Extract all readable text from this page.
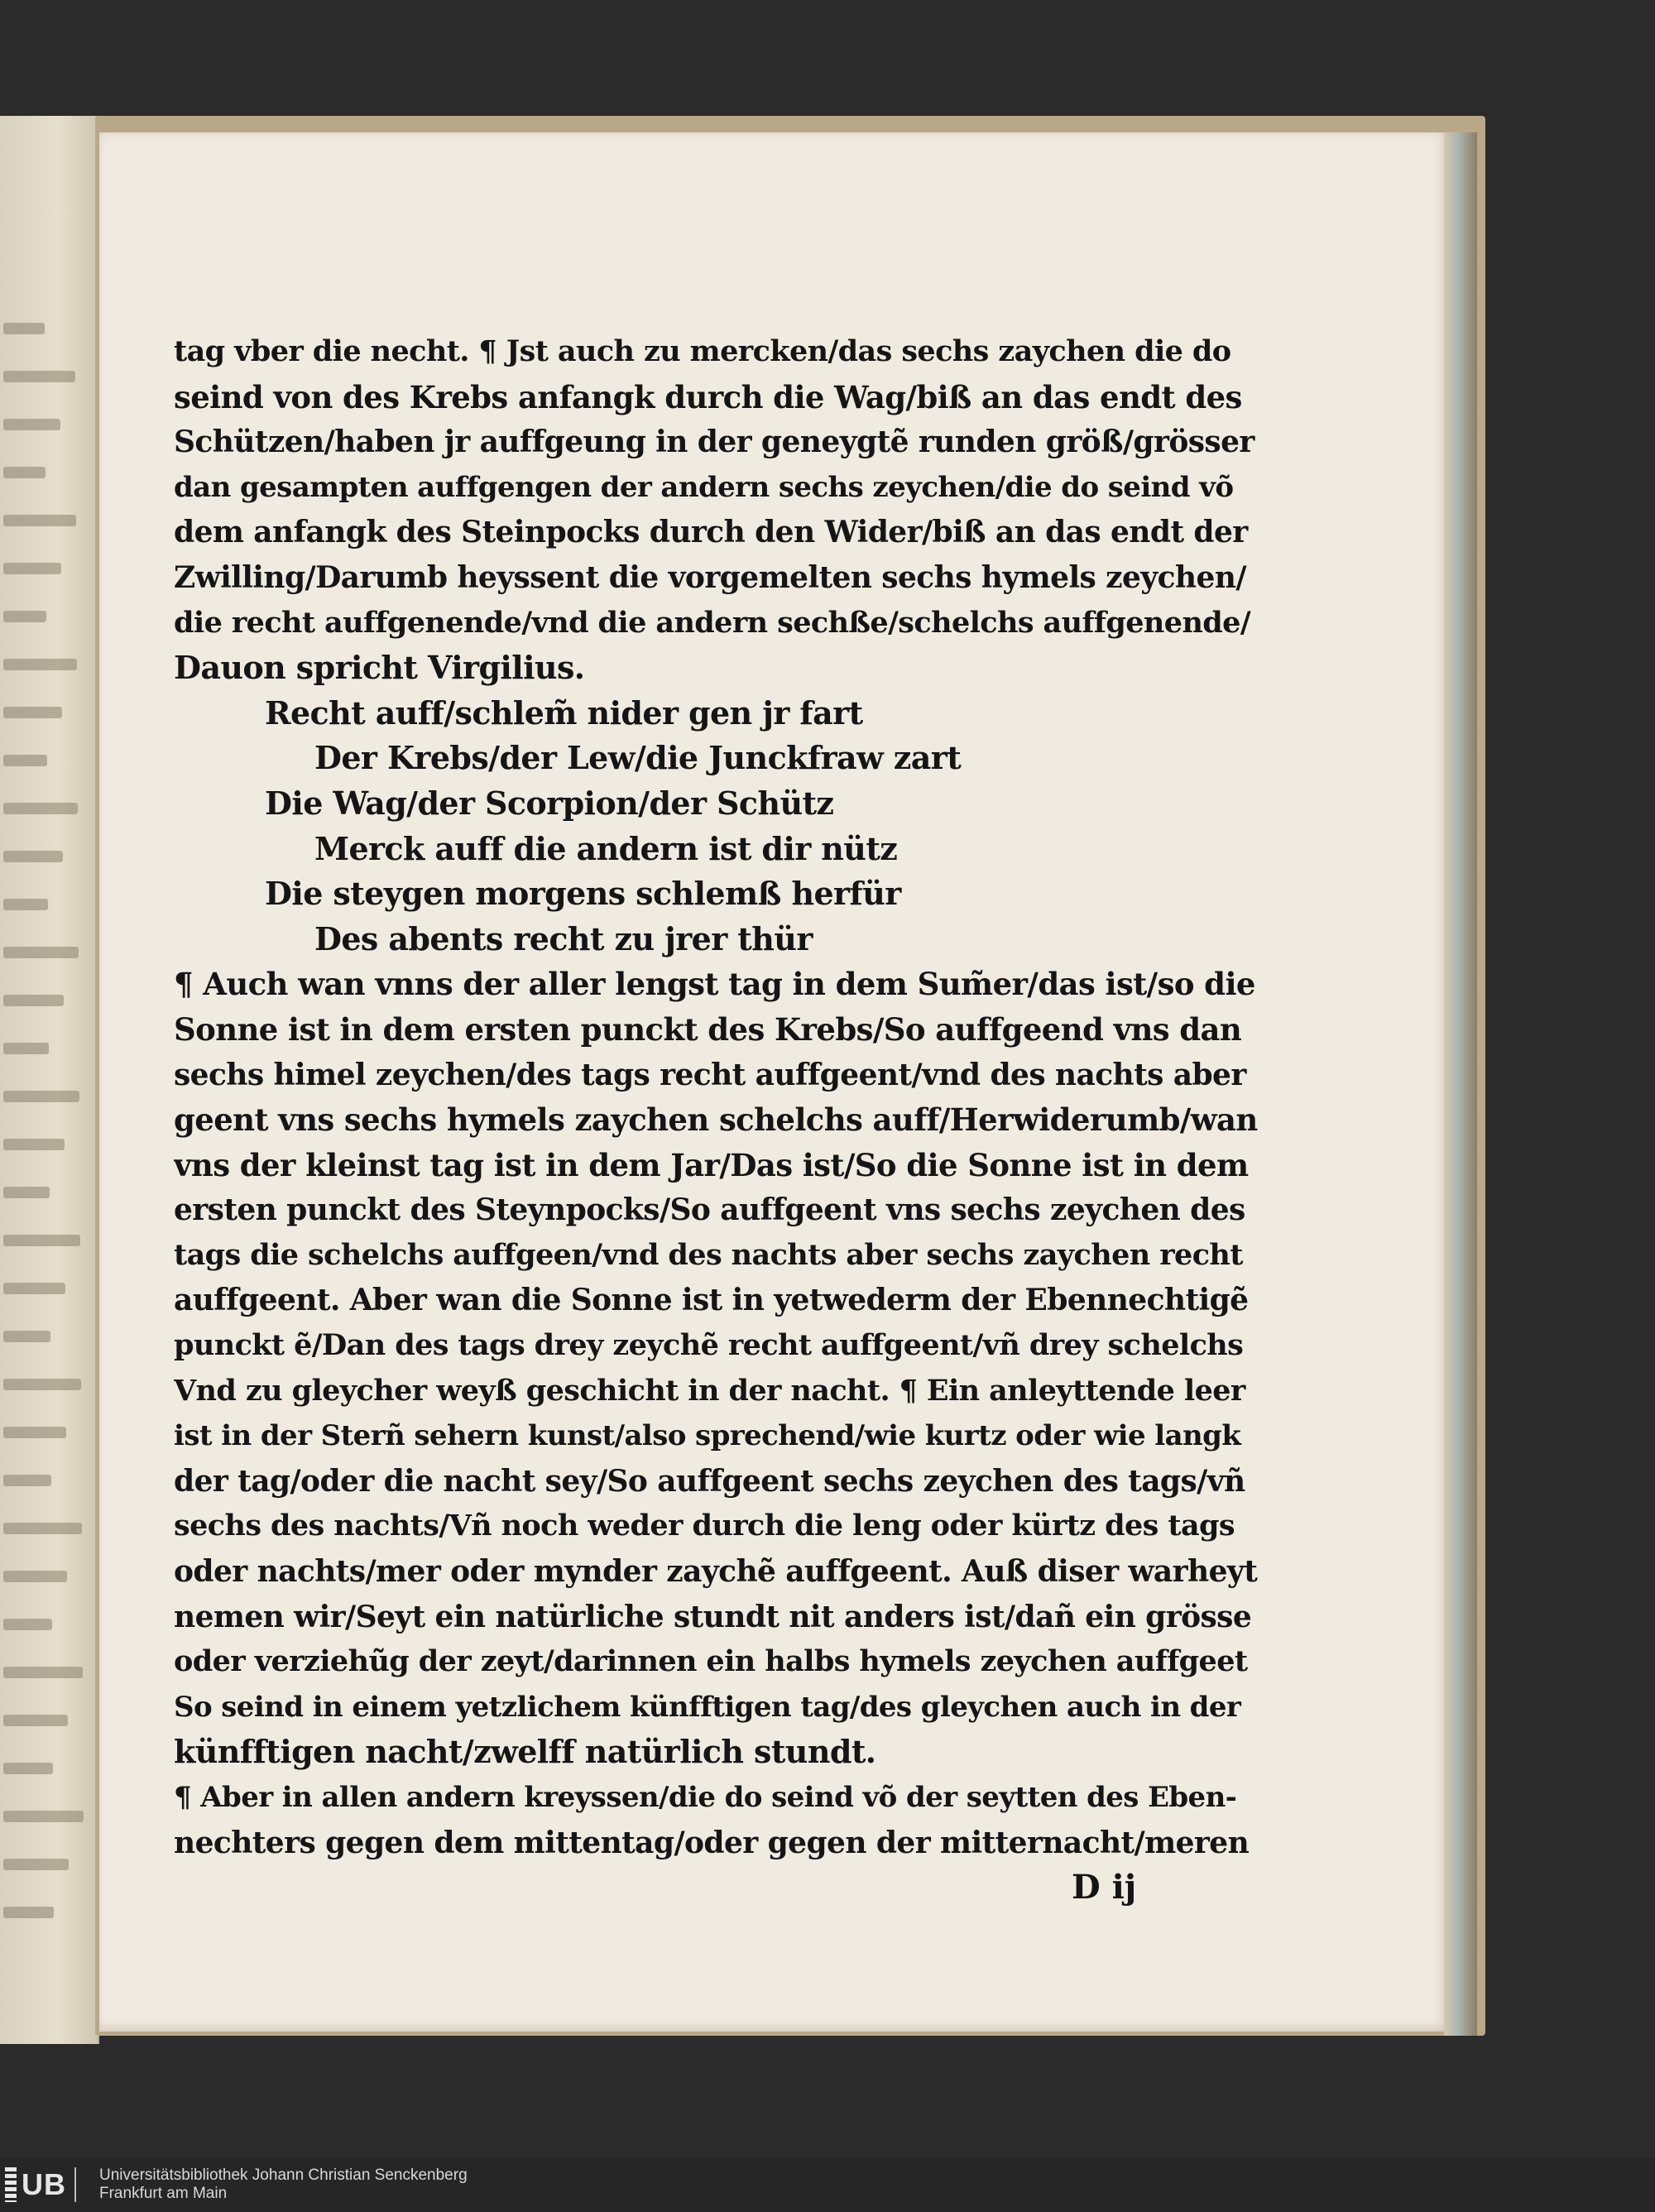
tag vber die necht. ¶ Jst auch zu mercken/das sechs zaychen die do
seind von des Krebs anfangk durch die Wag/biß an das endt des
Schützen/haben jr auffgeung in der geneygtẽ runden größ/grösser
dan gesampten auffgengen der andern sechs zeychen/die do seind võ
dem anfangk des Steinpocks durch den Wider/biß an das endt der
Zwilling/Darumb heyssent die vorgemelten sechs hymels zeychen/
die recht auffgenende/vnd die andern sechße/schelchs auffgenende/
Dauon spricht Virgilius.
Recht auff/schlem̃ nider gen jr fart
Der Krebs/der Lew/die Junckfraw zart
Die Wag/der Scorpion/der Schütz
Merck auff die andern ist dir nütz
Die steygen morgens schlemß herfür
Des abents recht zu jrer thür
¶ Auch wan vnns der aller lengst tag in dem Sum̃er/das ist/so die
Sonne ist in dem ersten punckt des Krebs/So auffgeend vns dan
sechs himel zeychen/des tags recht auffgeent/vnd des nachts aber
geent vns sechs hymels zaychen schelchs auff/Herwiderumb/wan
vns der kleinst tag ist in dem Jar/Das ist/So die Sonne ist in dem
ersten punckt des Steynpocks/So auffgeent vns sechs zeychen des
tags die schelchs auffgeen/vnd des nachts aber sechs zaychen recht
auffgeent. Aber wan die Sonne ist in yetwederm der Ebennechtigẽ
punckt ẽ/Dan des tags drey zeychẽ recht auffgeent/vñ drey schelchs
Vnd zu gleycher weyß geschicht in der nacht. ¶ Ein anleyttende leer
ist in der Sterñ sehern kunst/also sprechend/wie kurtz oder wie langk
der tag/oder die nacht sey/So auffgeent sechs zeychen des tags/vñ
sechs des nachts/Vñ noch weder durch die leng oder kürtz des tags
oder nachts/mer oder mynder zaychẽ auffgeent. Auß diser warheyt
nemen wir/Seyt ein natürliche stundt nit anders ist/dañ ein grösse
oder verziehũg der zeyt/darinnen ein halbs hymels zeychen auffgeet
So seind in einem yetzlichem künfftigen tag/des gleychen auch in der
künfftigen nacht/zwelff natürlich stundt.
¶ Aber in allen andern kreyssen/die do seind võ der seytten des Eben-
nechters gegen dem mittentag/oder gegen der mitternacht/meren
D ij
UB Universitätsbibliothek Johann Christian Senckenberg
Frankfurt am Main
